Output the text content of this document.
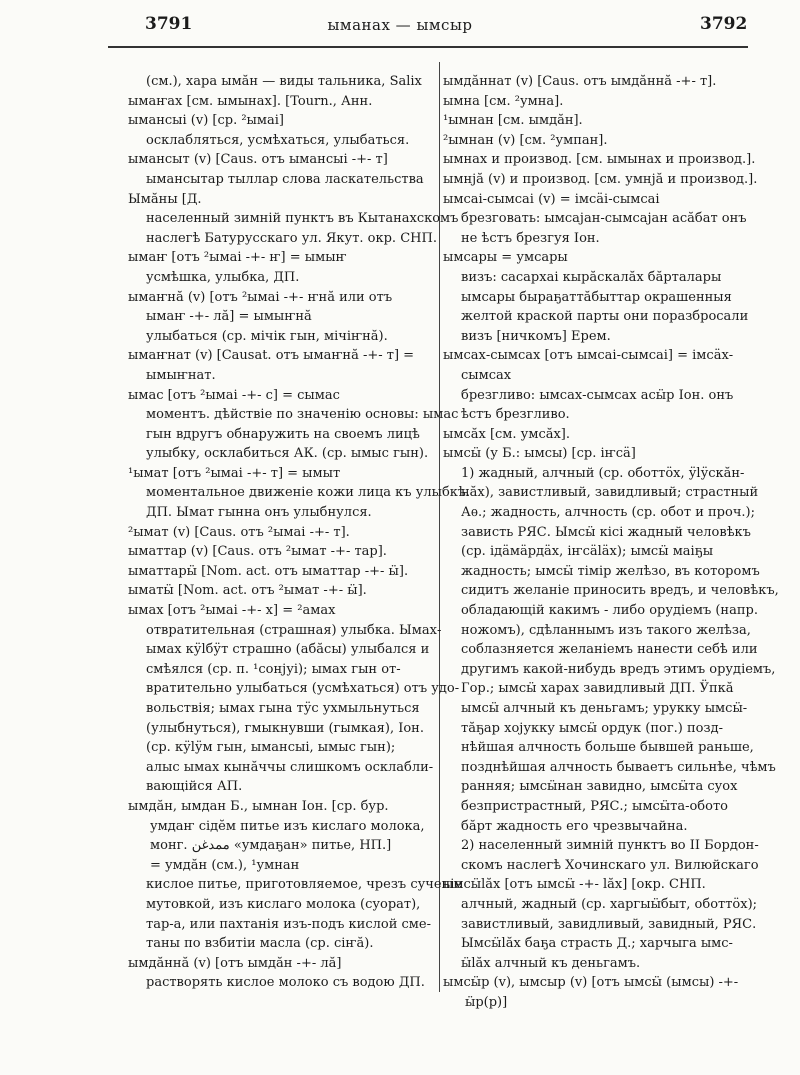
3791	ыманах — ымсыр	3792
(см.), хара ымӑн — виды тальника, Salix
ымаҥах [см. ымынах]. [Tourn., Анн.
ымансыі (v) [ср. ²ымаі]
осклабляться, усмѣхаться, улыбаться.
ымансыт (v) [Caus. отъ ымансыі -+- т]
ымансытар тыллар слова ласкательства
Ымӑны [Д.
населенный зимній пунктъ въ Кытанахскомъ
наслегѣ Батурусскаго ул. Якут. окр. СНП.
ымаҥ [отъ ²ымаі -+- ҥ] = ымыҥ
усмѣшка, улыбка, ДП.
ымаҥнӑ (v) [отъ ²ымаі -+- ҥнӑ или отъ
ымаҥ -+- лӑ] = ымыҥнӑ
улыбаться (ср. мічік гын, мічіҥнӑ).
ымаҥнат (v) [Causat. отъ ымаҥнӑ -+- т] =
ымыҥнат.
ымас [отъ ²ымаі -+- с] = сымас
моментъ. дѣйствіе по значенію основы: ымас
гын вдругъ обнаружить на своемъ лицѣ
улыбку, осклабиться АК. (ср. ымыс гын).
¹ымат [отъ ²ымаі -+- т] = ымыт
моментальное движеніе кожи лица къ улыбкѣ.
ДП. Ымат гынна онъ улыбнулся.
²ымат (v) [Caus. отъ ²ымаі -+- т].
ыматтар (v) [Caus. отъ ²ымат -+- тар].
ыматтарӹ [Nom. act. отъ ыматтар -+- ӹ].
ыматӹ [Nom. act. отъ ²ымат -+- ӹ].
ымах [отъ ²ымаі -+- х] = ²амах
отвратительная (страшная) улыбка. Ымах-
ымах кӱlбӱт страшно (абӑсы) улыбался и
смѣялся (ср. п. ¹сонjуі); ымах гын от-
вратительно улыбаться (усмѣхаться) отъ удо-
вольствія; ымах гына тӱс ухмыльнуться
(улыбнуться), гмыкнувши (гымкая), Іон.
(ср. кӱlӱм гын, ымансыі, ымыс гын);
алыс ымах кынӑччы слишкомъ осклабли-
вающійся АП.
ымдӑн, ымдан Б., ымнан Іон. [ср. бур.
умдаҥ сідӗм питье изъ кислаго молока,
монг. ﻣﻤﺪﻏﻦ «умдаҕан» питье, НП.]
= умдӑн (см.), ¹умнан
кислое питье, приготовляемое, чрезъ сученіе
мутовкой, изъ кислаго молока (суорат),
тар-а, или пахтанія изъ-подъ кислой сме-
таны по взбитіи масла (ср. сіҥӑ).
ымдӑннӑ (v) [отъ ымдӑн -+- лӑ]
растворять кислое молоко съ водою ДП.
ымдӑннат (v) [Caus. отъ ымдӑннӑ -+- т].
ымна [см. ²умна].
¹ымнан [см. ымдӑн].
²ымнан (v) [см. ²умпан].
ымнах и производ. [см. ымынах и производ.].
ымнјӑ (v) и производ. [см. умнјӑ и производ.].
ымсаі-сымсаі (v) = імсӓі-сымсаі
брезговать: ымсајан-сымсајан асӑбат онъ
не ѣстъ брезгуя Іон.
ымсары = умсары
визъ: сасархаі кырӑскалӑх бӑрталары
ымсары бырaҕаттӑбыттар окрашенныя
желтой краской парты они поразбросали
визъ [ничкомъ] Ерем.
ымсах-сымсах [отъ ымсаі-сымсаі] = імсӓх-
сымсах
брезгливо: ымсах-сымсах асӹр Іон. онъ
ѣстъ брезгливо.
ымсӑх [см. умсӑх].
ымсӹ (у Б.: ымсы) [ср. іҥсӓ]
1) жадный, алчный (ср. оботтӧх, ӱlӱскӑн-
нӑх), завистливый, завидливый; страстный
Аѳ.; жадность, алчность (ср. обот и проч.);
зависть РЯС. Ымсӹ кісі жадный человѣкъ
(ср. ідӓмӓрдӓх, іҥсӓlӓх); ымсӹ маіҕы
жадность; ымсӹ тімір желѣзо, въ которомъ
сидитъ желаніе приносить вредъ, и человѣкъ,
обладающій какимъ - либо орудіемъ (напр.
ножомъ), сдѣланнымъ изъ такого желѣза,
соблазняется желаніемъ нанести себѣ или
другимъ какой-нибудь вредъ этимъ орудіемъ,
Гор.; ымсӹ харах завидливый ДП. Ӱпкӑ
ымсӹ алчный къ деньгамъ; урукку ымсӹ-
тӑҕар хојукку ымсӹ ордук (пог.) позд-
нѣйшая алчность больше бывшей раньше,
позднѣйшая алчность бываетъ сильнѣе, чѣмъ
ранняя; ымсӹнан завидно, ымсӹта суох
безпристрастный, РЯС.; ымсӹта-обото
бӑрт жадность его чрезвычайна.
2) населенный зимній пунктъ во II Бордон-
скомъ наслегѣ Хочинскаго ул. Вилюйскаго
ымсӹlӑх [отъ ымсӹ -+- lӑх] [окр. СНП.
алчный, жадный (ср. харгыӹбыт, оботтӧх);
завистливый, завидливый, завидный, РЯС.
Ымсӹlӑх баҕа страсть Д.; харчыга ымс-
ӹlӑх алчный къ деньгамъ.
ымсӹр (v), ымсыр (v) [отъ ымсӹ (ымсы) -+-
ӹр(р)]
